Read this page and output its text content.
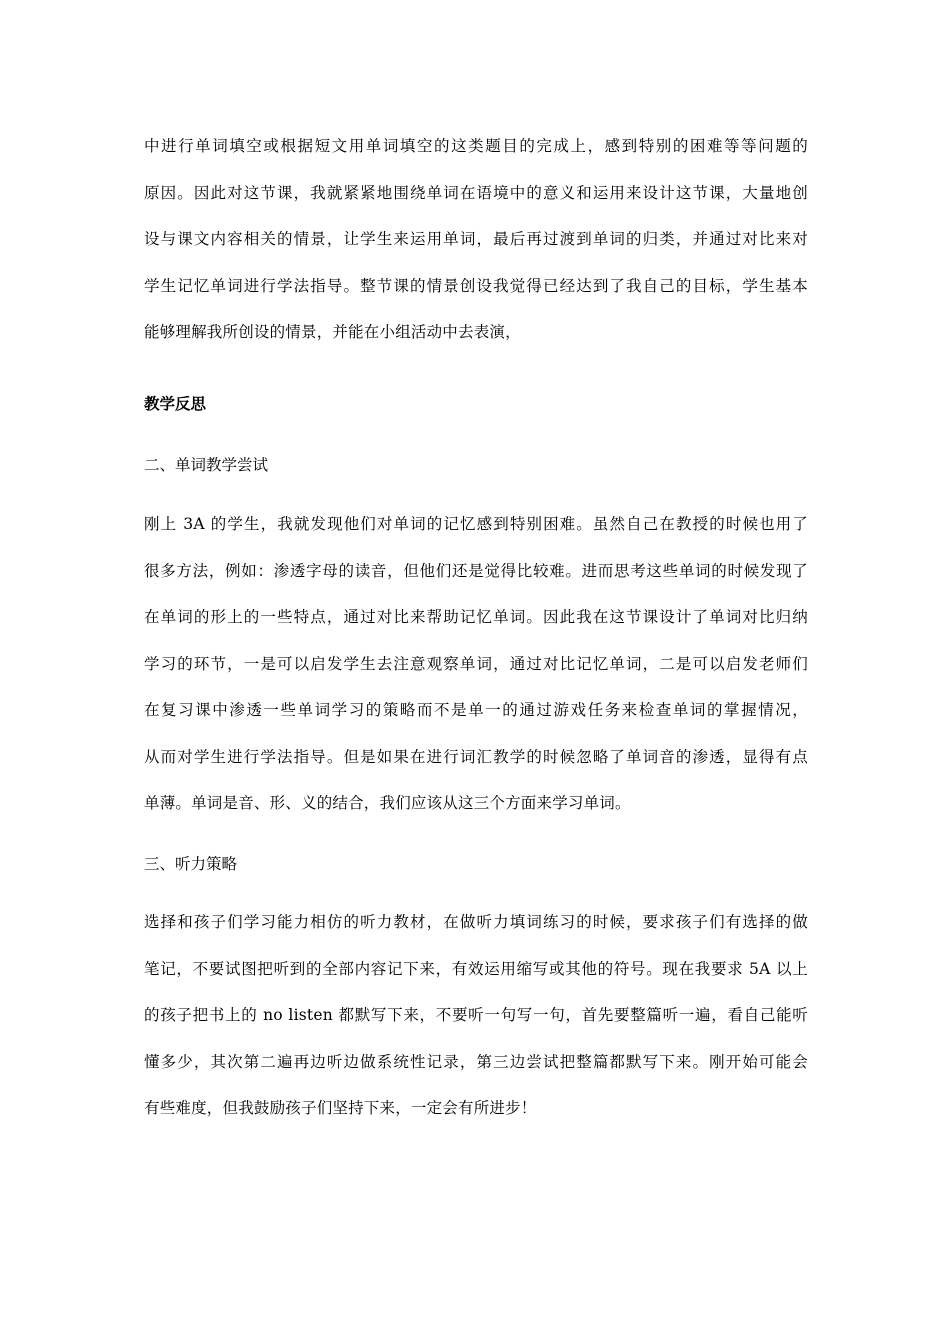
中进行单词填空或根据短文用单词填空的这类题目的完成上，感到特别的困难等等问题的
原因。因此对这节课，我就紧紧地围绕单词在语境中的意义和运用来设计这节课，大量地创
设与课文内容相关的情景，让学生来运用单词，最后再过渡到单词的归类，并通过对比来对
学生记忆单词进行学法指导。整节课的情景创设我觉得已经达到了我自己的目标，学生基本
能够理解我所创设的情景，并能在小组活动中去表演，
教学反思
二、单词教学尝试
刚上 3A 的学生，我就发现他们对单词的记忆感到特别困难。虽然自己在教授的时候也用了
很多方法，例如：渗透字母的读音，但他们还是觉得比较难。进而思考这些单词的时候发现了
在单词的形上的一些特点，通过对比来帮助记忆单词。因此我在这节课设计了单词对比归纳
学习的环节，一是可以启发学生去注意观察单词，通过对比记忆单词，二是可以启发老师们
在复习课中渗透一些单词学习的策略而不是单一的通过游戏任务来检查单词的掌握情况，
从而对学生进行学法指导。但是如果在进行词汇教学的时候忽略了单词音的渗透，显得有点
单薄。单词是音、形、义的结合，我们应该从这三个方面来学习单词。
三、听力策略
选择和孩子们学习能力相仿的听力教材，在做听力填词练习的时候，要求孩子们有选择的做
笔记，不要试图把听到的全部内容记下来，有效运用缩写或其他的符号。现在我要求 5A 以上
的孩子把书上的 no listen 都默写下来，不要听一句写一句，首先要整篇听一遍，看自己能听
懂多少，其次第二遍再边听边做系统性记录，第三边尝试把整篇都默写下来。刚开始可能会
有些难度，但我鼓励孩子们坚持下来，一定会有所进步！
